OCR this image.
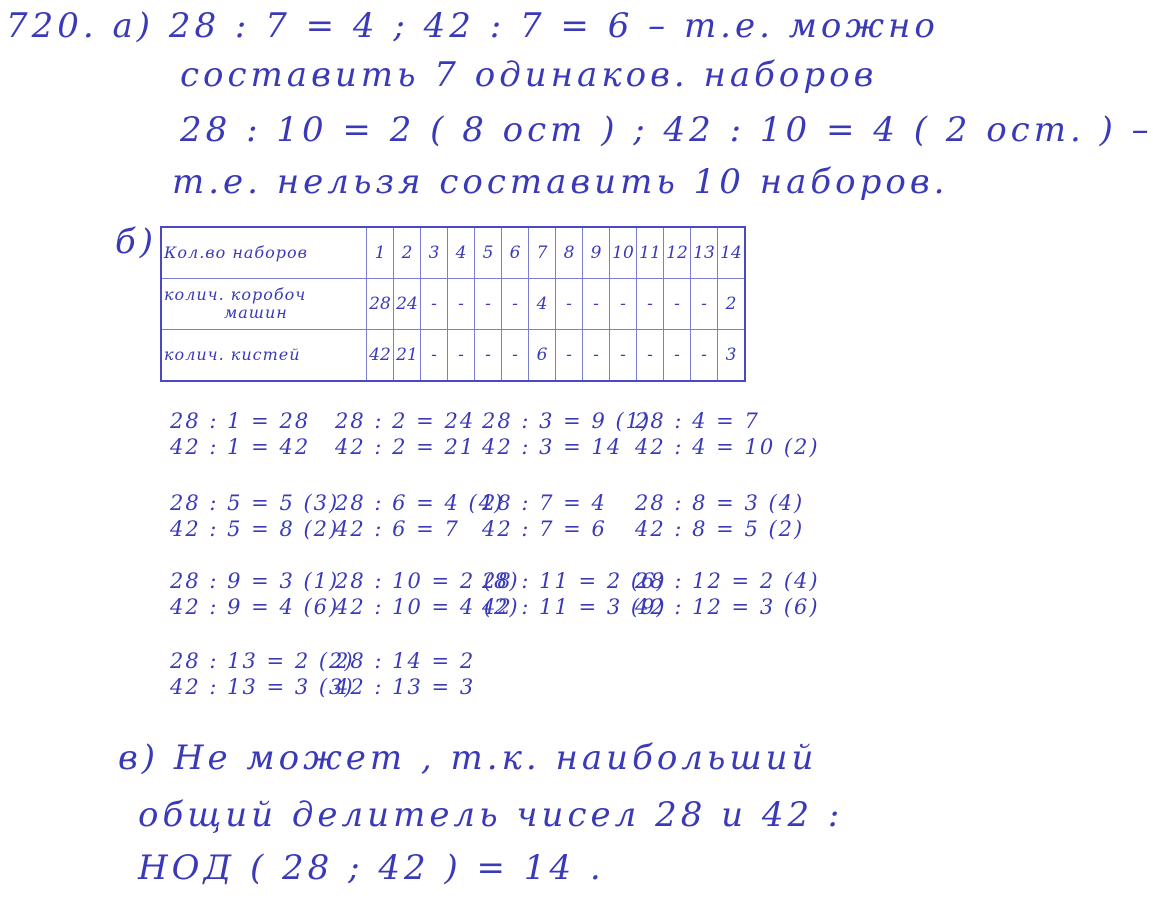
720. а) 28 : 7 = 4 ; 42 : 7 = 6 – т.е. можно
составить 7 одинаков. наборов
28 : 10 = 2 ( 8 ост ) ; 42 : 10 = 4 ( 2 ост. ) –
т.е. нельзя составить 10 наборов.
б) Кол.во наборов	1	2	3	4	5	6	7	8	9	10	11	12	13	14

колич. коробоч
машин	28	24	-	-	-	-	4	-	-	-	-	-	-	2
колич. кистей	42	21	-	-	-	-	6	-	-	-	-	-	-	3
28 : 1 = 28
42 : 1 = 42
28 : 2 = 24
42 : 2 = 21
28 : 3 = 9 (1)
42 : 3 = 14
28 : 4 = 7
42 : 4 = 10 (2)
28 : 5 = 5 (3)
42 : 5 = 8 (2)
28 : 6 = 4 (4)
42 : 6 = 7
28 : 7 = 4
42 : 7 = 6
28 : 8 = 3 (4)
42 : 8 = 5 (2)
28 : 9 = 3 (1)
42 : 9 = 4 (6)
28 : 10 = 2 (8)
42 : 10 = 4 (2)
28 : 11 = 2 (6)
42 : 11 = 3 (9)
28 : 12 = 2 (4)
42 : 12 = 3 (6)
28 : 13 = 2 (2)
42 : 13 = 3 (3)
28 : 14 = 2
42 : 13 = 3
в) Не может , т.к. наибольший
общий делитель чисел 28 и 42 :
НОД ( 28 ; 42 ) = 14 .
